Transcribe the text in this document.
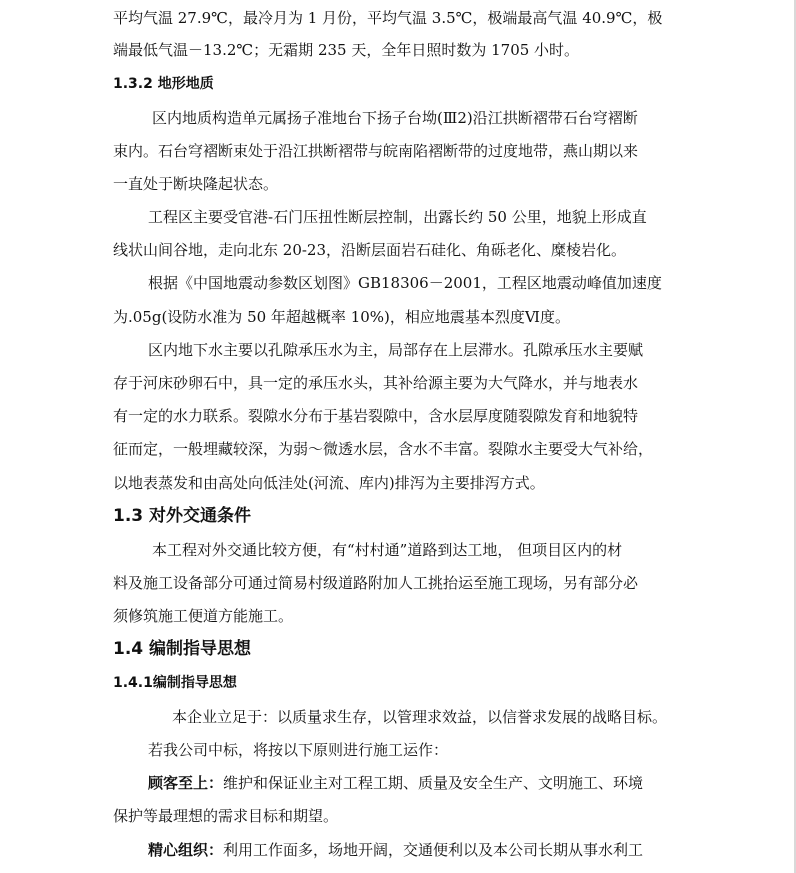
平均气温 27.9℃，最冷月为 1 月份，平均气温 3.5℃，极端最高气温 40.9℃，极
端最低气温－13.2℃；无霜期 235 天，全年日照时数为 1705 小时。
1.3.2 地形地质
区内地质构造单元属扬子准地台下扬子台坳(Ⅲ2)沿江拱断褶带石台穹褶断
束内。石台穹褶断束处于沿江拱断褶带与皖南陷褶断带的过度地带，燕山期以来
一直处于断块隆起状态。
工程区主要受官港-石门压扭性断层控制，出露长约 50 公里，地貌上形成直
线状山间谷地，走向北东 20-23，沿断层面岩石硅化、角砾老化、糜棱岩化。
根据《中国地震动参数区划图》GB18306－2001，工程区地震动峰值加速度
为.05g(设防水准为 50 年超越概率 10%)，相应地震基本烈度Ⅵ度。
区内地下水主要以孔隙承压水为主，局部存在上层滞水。孔隙承压水主要赋
存于河床砂卵石中，具一定的承压水头，其补给源主要为大气降水，并与地表水
有一定的水力联系。裂隙水分布于基岩裂隙中，含水层厚度随裂隙发育和地貌特
征而定，一般埋藏较深，为弱～微透水层，含水不丰富。裂隙水主要受大气补给，
以地表蒸发和由高处向低洼处(河流、库内)排泻为主要排泻方式。
1.3 对外交通条件
本工程对外交通比较方便，有“村村通”道路到达工地， 但项目区内的材
料及施工设备部分可通过简易村级道路附加人工挑抬运至施工现场，另有部分必
须修筑施工便道方能施工。
1.4 编制指导思想
1.4.1编制指导思想
本企业立足于：以质量求生存，以管理求效益，以信誉求发展的战略目标。
若我公司中标，将按以下原则进行施工运作：
顾客至上：维护和保证业主对工程工期、质量及安全生产、文明施工、环境
保护等最理想的需求目标和期望。
精心组织：利用工作面多，场地开阔，交通便利以及本公司长期从事水利工
